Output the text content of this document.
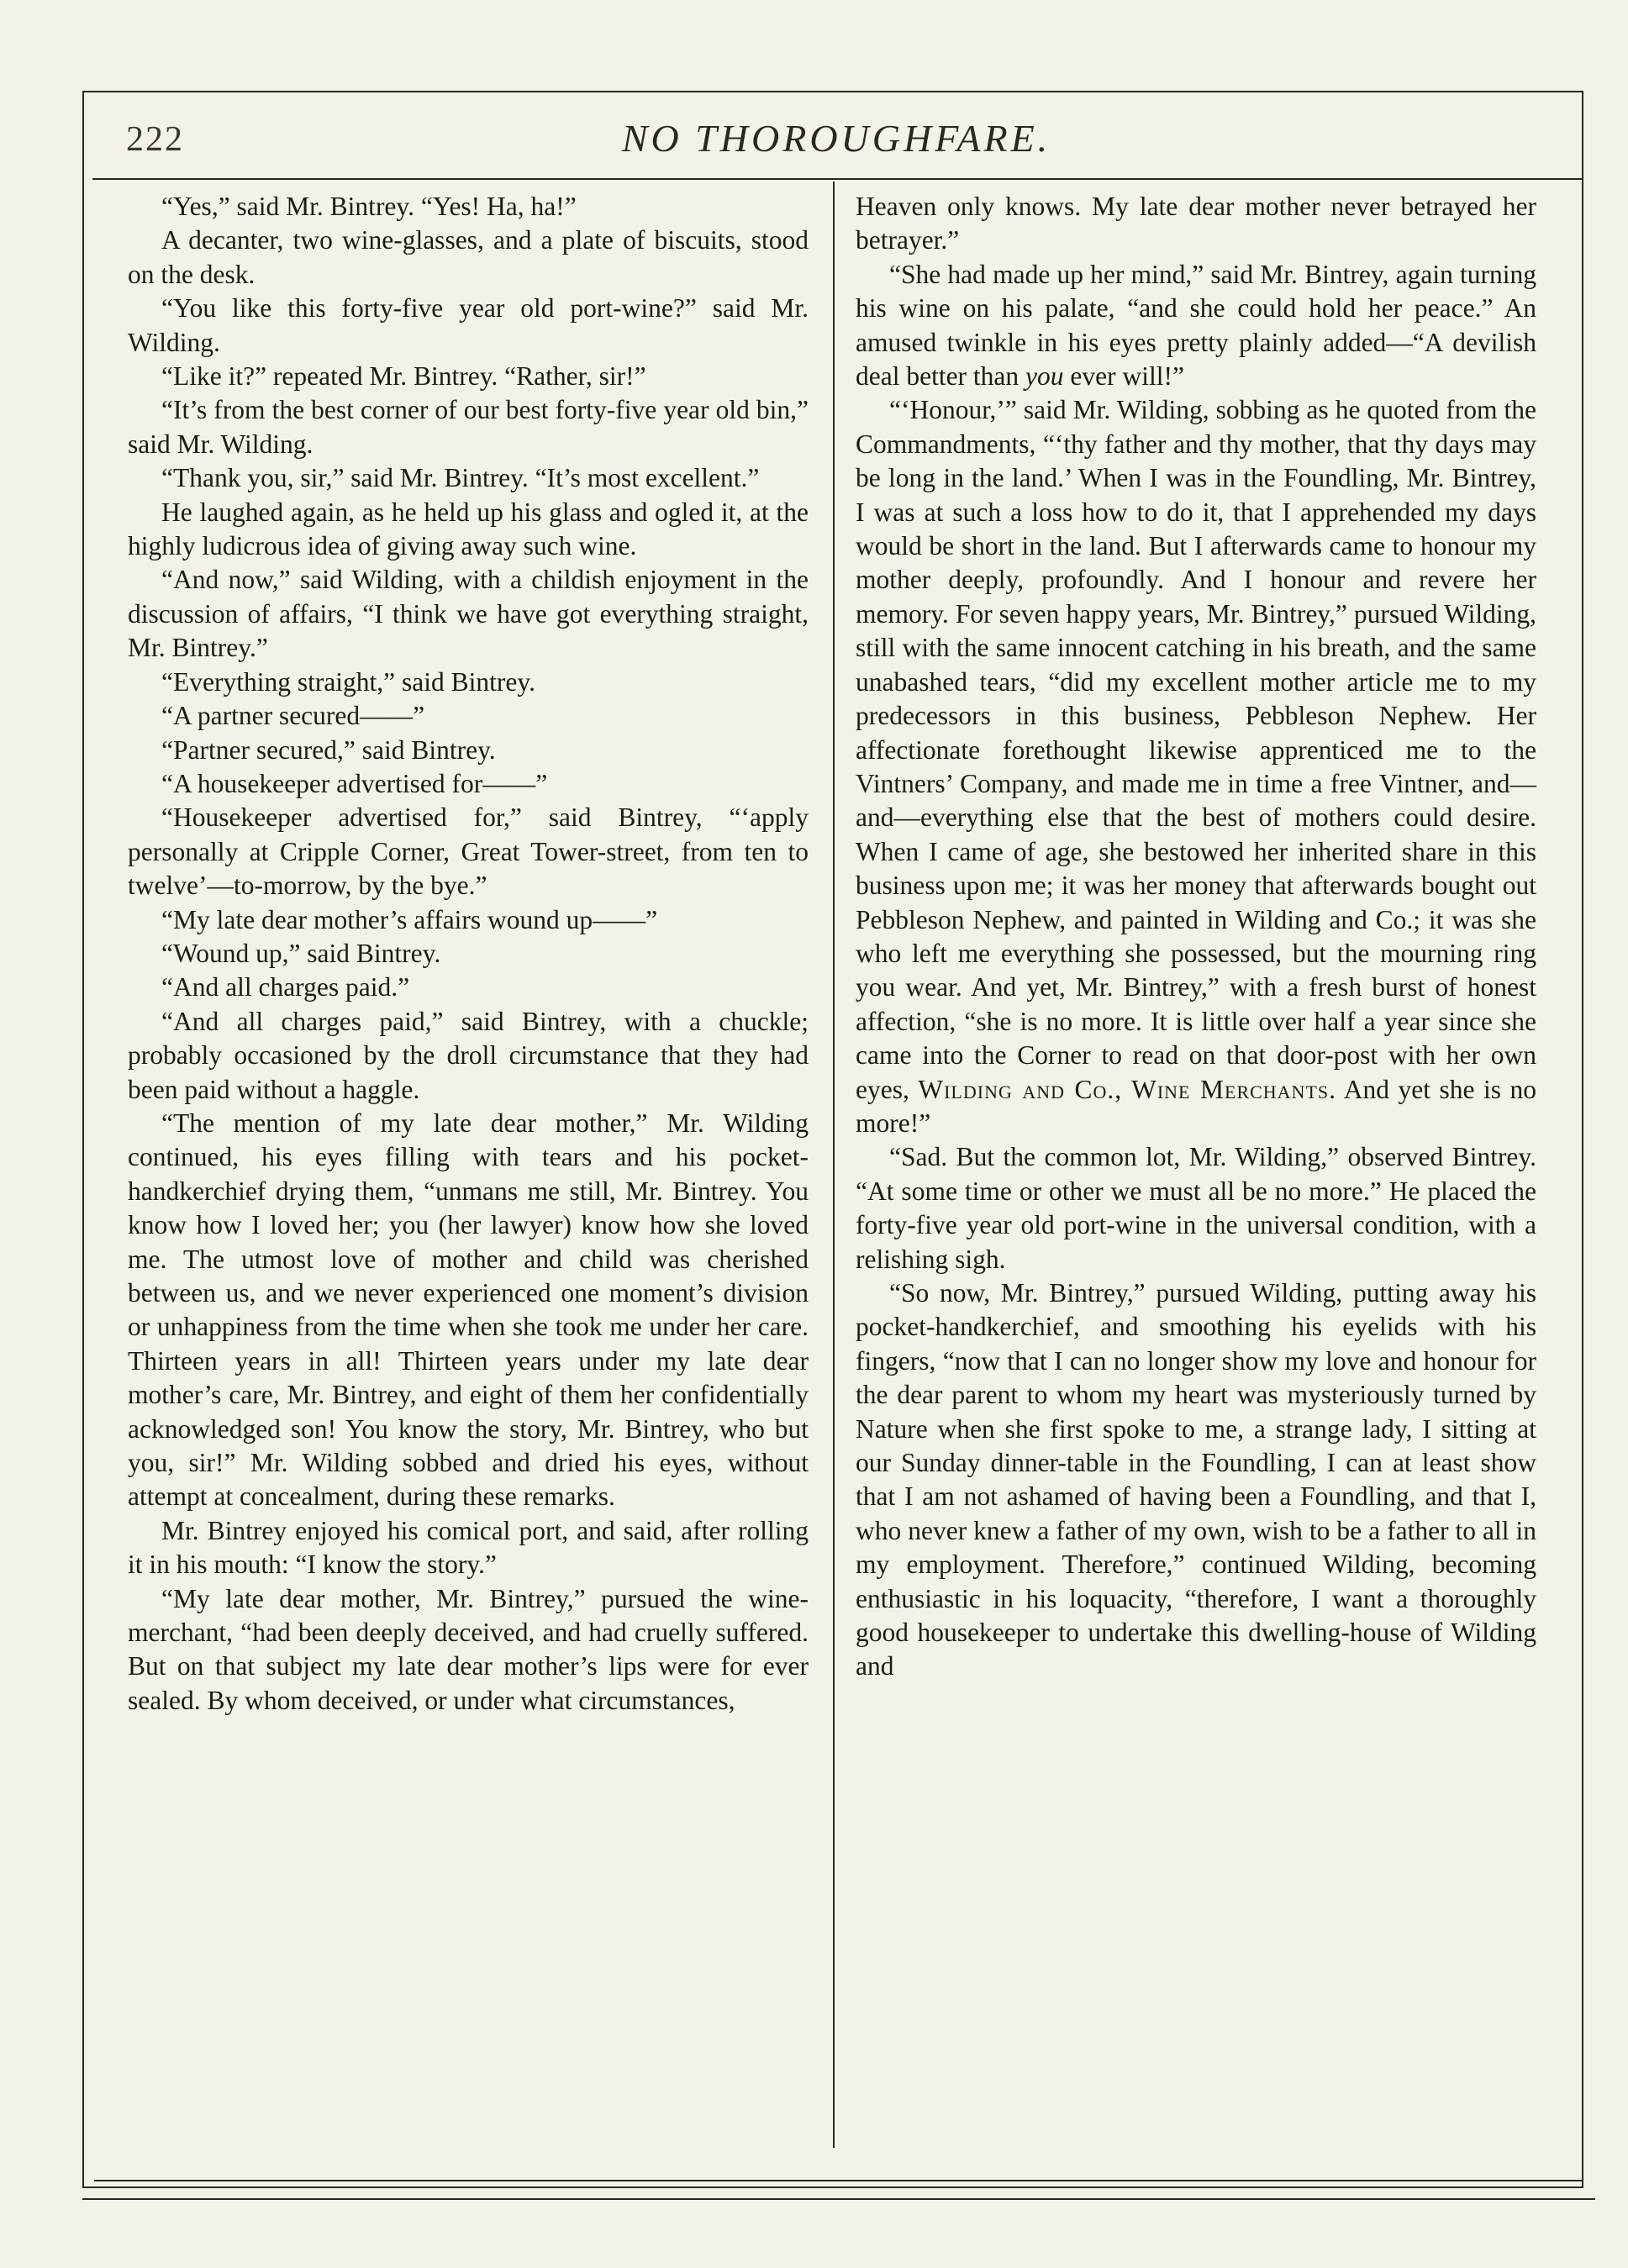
222	NO THOROUGHFARE.

“Yes,” said Mr. Bintrey. “Yes! Ha, ha!”

A decanter, two wine-glasses, and a plate of biscuits, stood on the desk.

“You like this forty-five year old port-wine?” said Mr. Wilding.

“Like it?” repeated Mr. Bintrey. “Rather, sir!”

“It’s from the best corner of our best forty-five year old bin,” said Mr. Wilding.

“Thank you, sir,” said Mr. Bintrey. “It’s most excellent.”

He laughed again, as he held up his glass and ogled it, at the highly ludicrous idea of giving away such wine.

“And now,” said Wilding, with a childish enjoyment in the discussion of affairs, “I think we have got everything straight, Mr. Bintrey.”

“Everything straight,” said Bintrey.

“A partner secured——”

“Partner secured,” said Bintrey.

“A housekeeper advertised for——”

“Housekeeper advertised for,” said Bintrey, “‘apply personally at Cripple Corner, Great Tower-street, from ten to twelve’—to-morrow, by the bye.”

“My late dear mother’s affairs wound up——”

“Wound up,” said Bintrey.

“And all charges paid.”

“And all charges paid,” said Bintrey, with a chuckle; probably occasioned by the droll circumstance that they had been paid without a haggle.

“The mention of my late dear mother,” Mr. Wilding continued, his eyes filling with tears and his pocket-handkerchief drying them, “unmans me still, Mr. Bintrey. You know how I loved her; you (her lawyer) know how she loved me. The utmost love of mother and child was cherished between us, and we never experienced one moment’s division or unhappiness from the time when she took me under her care. Thirteen years in all! Thirteen years under my late dear mother’s care, Mr. Bintrey, and eight of them her confidentially acknowledged son! You know the story, Mr. Bintrey, who but you, sir!” Mr. Wilding sobbed and dried his eyes, without attempt at concealment, during these remarks.

Mr. Bintrey enjoyed his comical port, and said, after rolling it in his mouth: “I know the story.”

“My late dear mother, Mr. Bintrey,” pursued the wine-merchant, “had been deeply deceived, and had cruelly suffered. But on that subject my late dear mother’s lips were for ever sealed. By whom deceived, or under what circumstances,

Heaven only knows. My late dear mother never betrayed her betrayer.”

“She had made up her mind,” said Mr. Bintrey, again turning his wine on his palate, “and she could hold her peace.” An amused twinkle in his eyes pretty plainly added—“A devilish deal better than you ever will!”

“‘Honour,’” said Mr. Wilding, sobbing as he quoted from the Commandments, “‘thy father and thy mother, that thy days may be long in the land.’ When I was in the Foundling, Mr. Bintrey, I was at such a loss how to do it, that I apprehended my days would be short in the land. But I afterwards came to honour my mother deeply, profoundly. And I honour and revere her memory. For seven happy years, Mr. Bintrey,” pursued Wilding, still with the same innocent catching in his breath, and the same unabashed tears, “did my excellent mother article me to my predecessors in this business, Pebbleson Nephew. Her affectionate forethought likewise apprenticed me to the Vintners’ Company, and made me in time a free Vintner, and—and—everything else that the best of mothers could desire. When I came of age, she bestowed her inherited share in this business upon me; it was her money that afterwards bought out Pebbleson Nephew, and painted in Wilding and Co.; it was she who left me everything she possessed, but the mourning ring you wear. And yet, Mr. Bintrey,” with a fresh burst of honest affection, “she is no more. It is little over half a year since she came into the Corner to read on that door-post with her own eyes, Wilding and Co., Wine Merchants. And yet she is no more!”

“Sad. But the common lot, Mr. Wilding,” observed Bintrey. “At some time or other we must all be no more.” He placed the forty-five year old port-wine in the universal condition, with a relishing sigh.

“So now, Mr. Bintrey,” pursued Wilding, putting away his pocket-handkerchief, and smoothing his eyelids with his fingers, “now that I can no longer show my love and honour for the dear parent to whom my heart was mysteriously turned by Nature when she first spoke to me, a strange lady, I sitting at our Sunday dinner-table in the Foundling, I can at least show that I am not ashamed of having been a Foundling, and that I, who never knew a father of my own, wish to be a father to all in my employment. Therefore,” continued Wilding, becoming enthusiastic in his loquacity, “therefore, I want a thoroughly good housekeeper to undertake this dwelling-house of Wilding and
